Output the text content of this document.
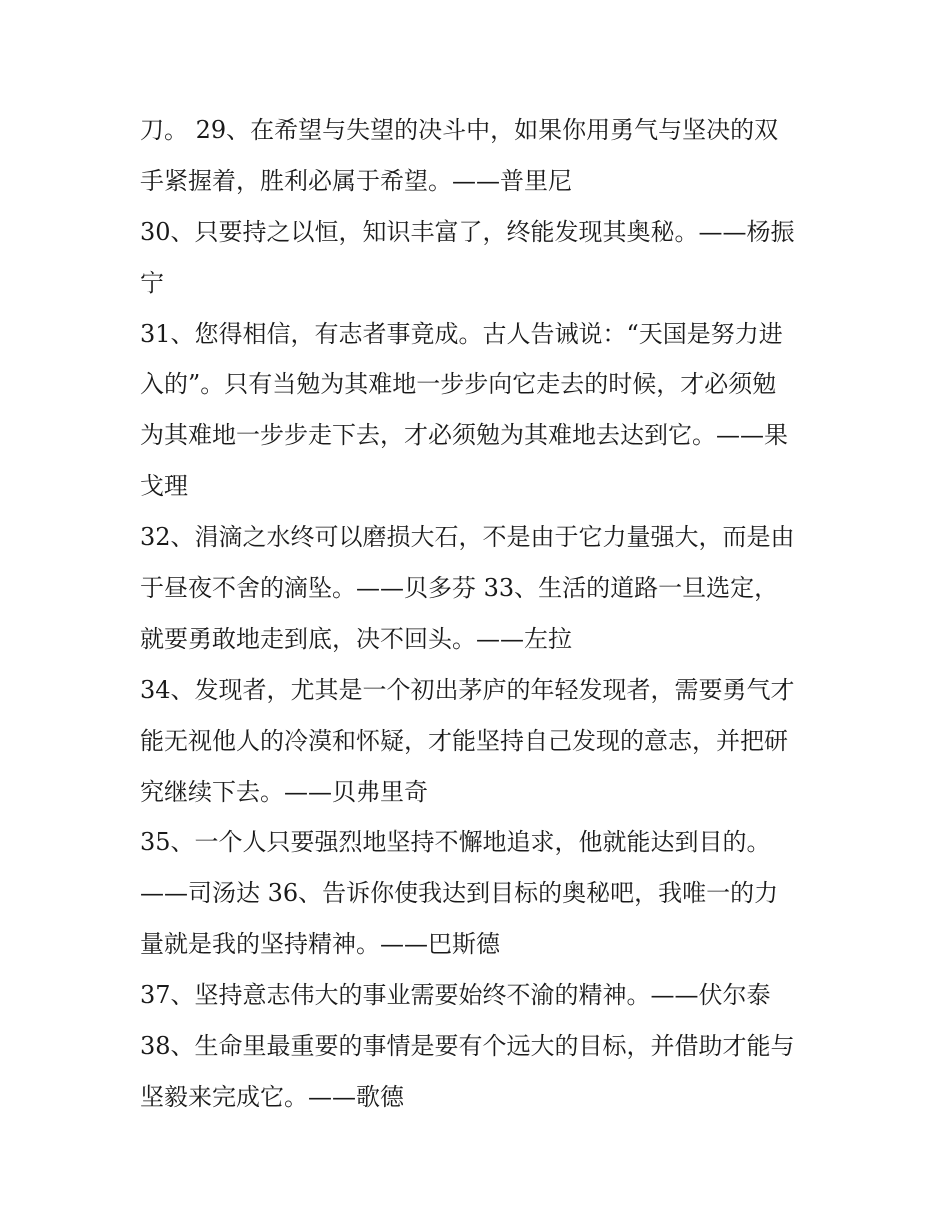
刀。 29、在希望与失望的决斗中，如果你用勇气与坚决的双
手紧握着，胜利必属于希望。——普里尼
30、只要持之以恒，知识丰富了，终能发现其奥秘。——杨振
宁
31、您得相信，有志者事竟成。古人告诫说：“天国是努力进
入的”。只有当勉为其难地一步步向它走去的时候，才必须勉
为其难地一步步走下去，才必须勉为其难地去达到它。——果
戈理
32、涓滴之水终可以磨损大石，不是由于它力量强大，而是由
于昼夜不舍的滴坠。——贝多芬 33、生活的道路一旦选定，
就要勇敢地走到底，决不回头。——左拉
34、发现者，尤其是一个初出茅庐的年轻发现者，需要勇气才
能无视他人的冷漠和怀疑，才能坚持自己发现的意志，并把研
究继续下去。——贝弗里奇
35、一个人只要强烈地坚持不懈地追求，他就能达到目的。
——司汤达 36、告诉你使我达到目标的奥秘吧，我唯一的力
量就是我的坚持精神。——巴斯德
37、坚持意志伟大的事业需要始终不渝的精神。——伏尔泰
38、生命里最重要的事情是要有个远大的目标，并借助才能与
坚毅来完成它。——歌德
